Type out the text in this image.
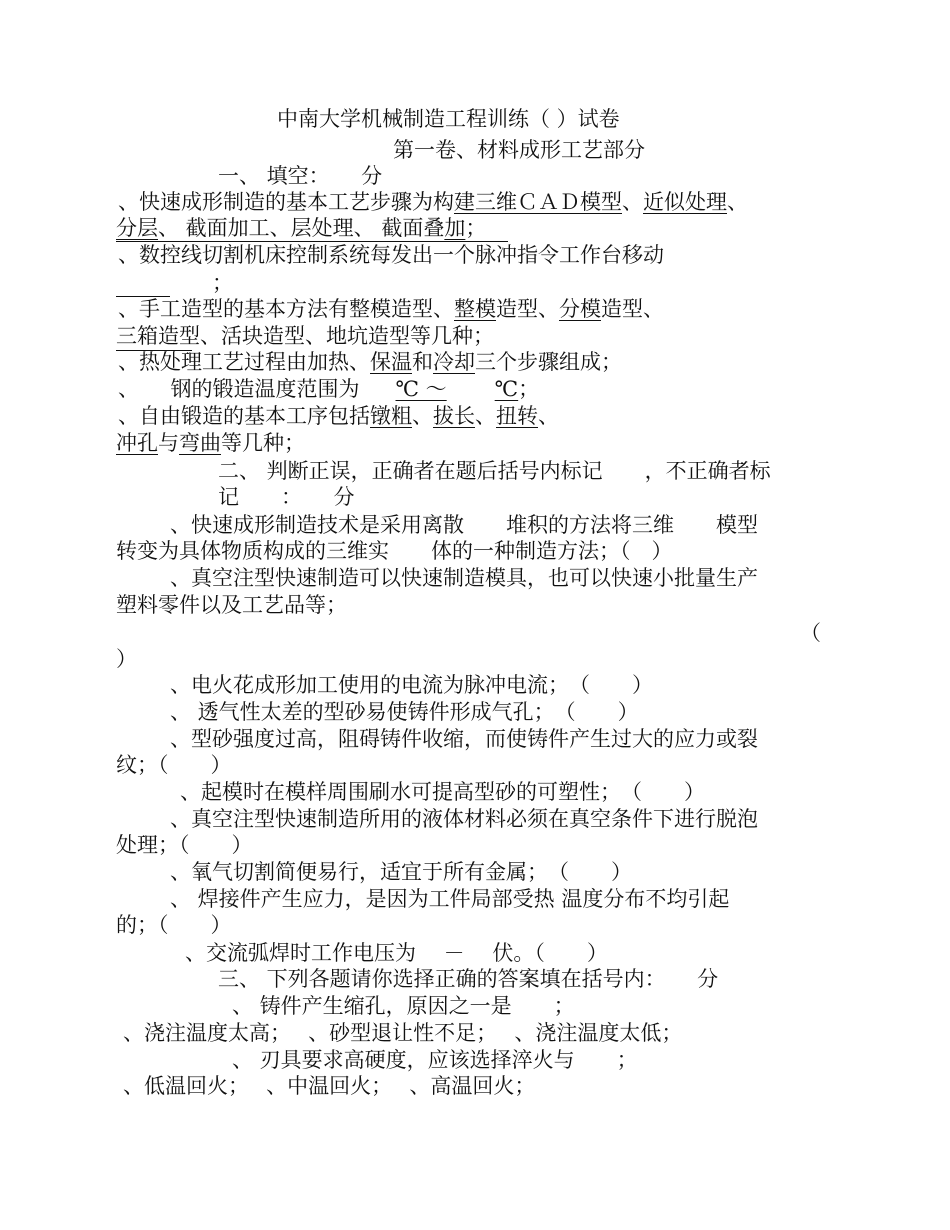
中南大学机械制造工程训练（ ）试卷
第一卷、材料成形工艺部分
一、 填空：　　分
、快速成形制造的基本工艺步骤为构建三维ＣＡＤ模型、近似处理、
分层、 截面加工、层处理、 截面叠加；
、数控线切割机床控制系统每发出一个脉冲指令工作台移动
；
、手工造型的基本方法有整模造型、整模造型、分模造型、
三箱造型、活块造型、地坑造型等几种；
、热处理工艺过程由加热、保温和冷却三个步骤组成；
、　　钢的锻造温度范围为 ℃ ～ ℃；
、自由锻造的基本工序包括镦粗、拔长、扭转、
冲孔与弯曲等几种；
二、 判断正误，正确者在题后括号内标记　　，不正确者标
记　　：　　分
、快速成形制造技术是采用离散　　堆积的方法将三维　　模型
转变为具体物质构成的三维实　　体的一种制造方法；（　）
、真空注型快速制造可以快速制造模具，也可以快速小批量生产
塑料零件以及工艺品等；
（
）
、电火花成形加工使用的电流为脉冲电流；　（　　）
、 透气性太差的型砂易使铸件形成气孔；　（　　）
、型砂强度过高，阻碍铸件收缩，而使铸件产生过大的应力或裂
纹；（　　）
、起模时在模样周围刷水可提高型砂的可塑性；　（　　）
、真空注型快速制造所用的液体材料必须在真空条件下进行脱泡
处理；（　　）
、氧气切割简便易行，适宜于所有金属；　（　　）
、 焊接件产生应力，是因为工件局部受热 温度分布不均引起
的；（　　）
、交流弧焊时工作电压为　 －　 伏。（　　）
三、 下列各题请你选择正确的答案填在括号内：　　分
、 铸件产生缩孔，原因之一是　　；
、浇注温度太高；　 、砂型退让性不足；　 、浇注温度太低；
、 刃具要求高硬度，应该选择淬火与　　；
、低温回火；　 、中温回火；　 、高温回火；
